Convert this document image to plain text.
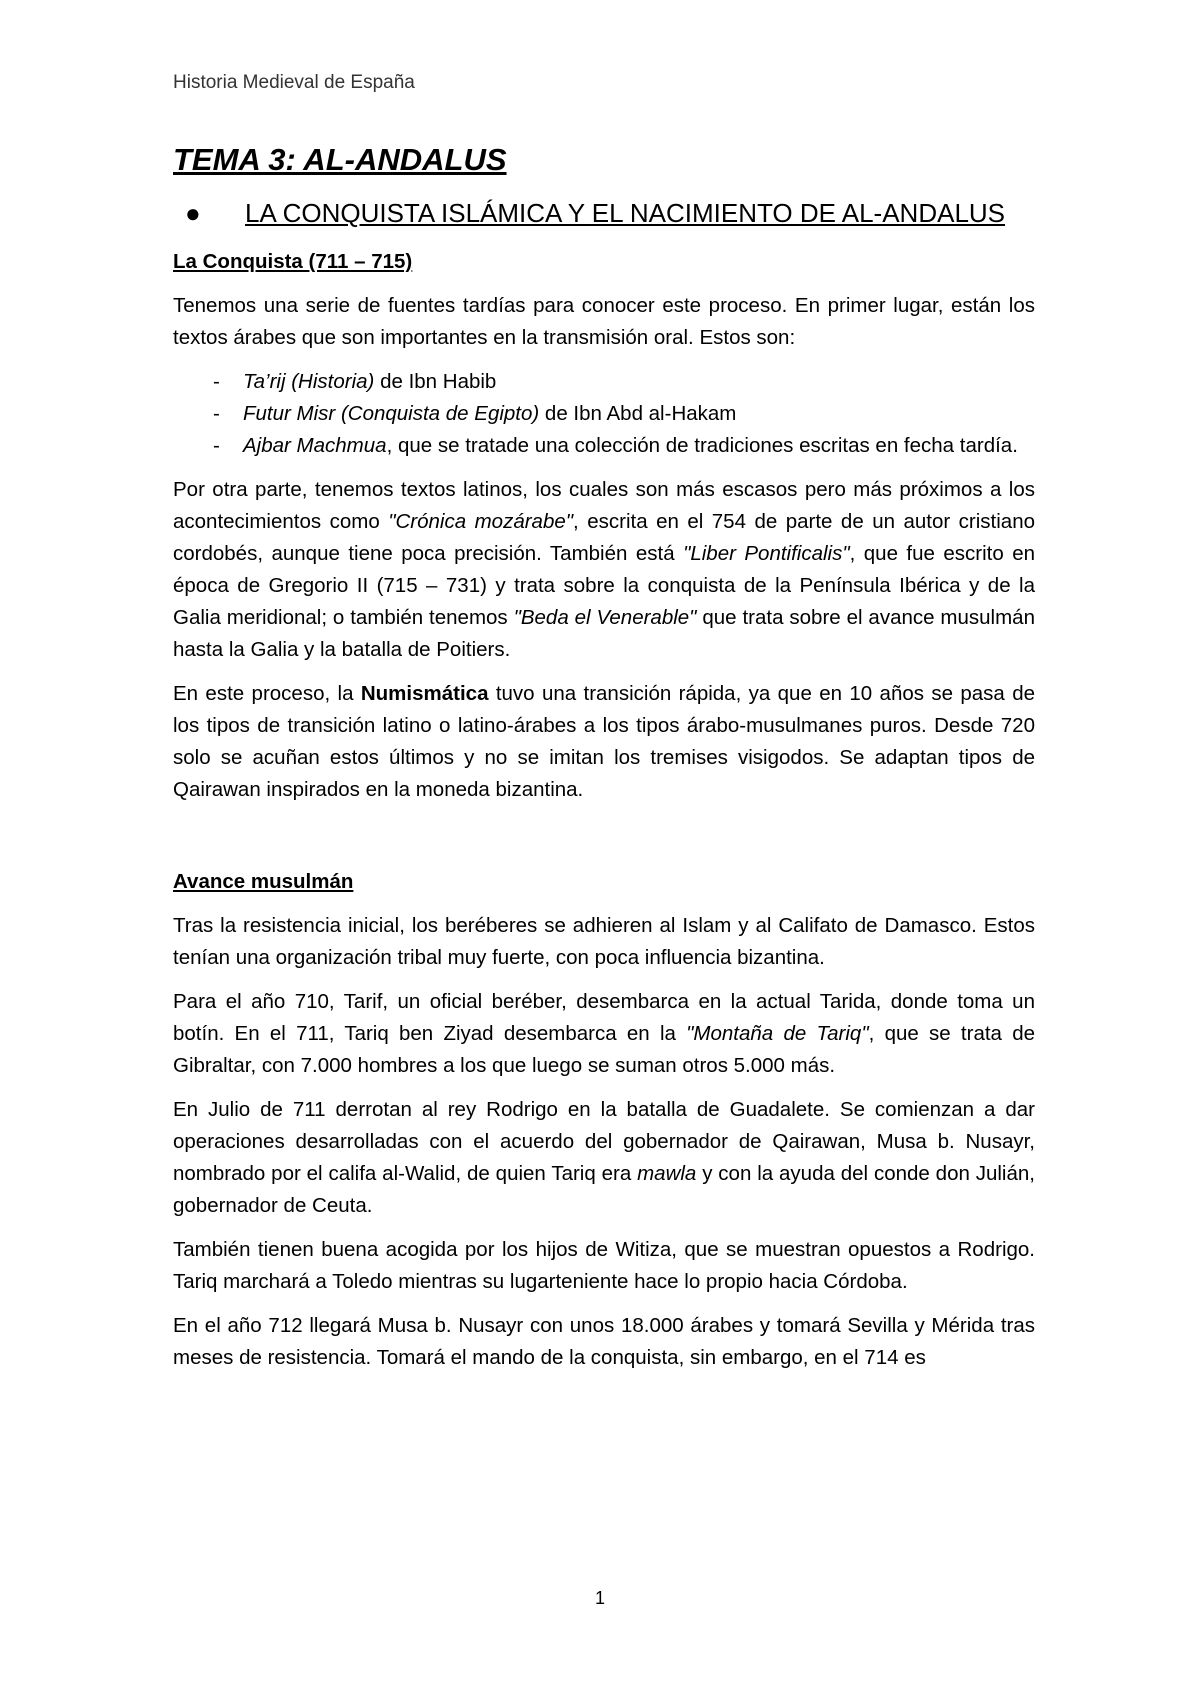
Historia Medieval de España
TEMA 3: AL-ANDALUS
●	LA CONQUISTA ISLÁMICA Y EL NACIMIENTO DE AL-ANDALUS
La Conquista (711 – 715)

Tenemos una serie de fuentes tardías para conocer este proceso. En primer lugar, están los textos árabes que son importantes en la transmisión oral. Estos son:

-	Ta’rij (Historia) de Ibn Habib
-	Futur Misr (Conquista de Egipto) de Ibn Abd al-Hakam
-	Ajbar Machmua, que se tratade una colección de tradiciones escritas en fecha tardía.

Por otra parte, tenemos textos latinos, los cuales son más escasos pero más próximos a los acontecimientos como "Crónica mozárabe", escrita en el 754 de parte de un autor cristiano cordobés, aunque tiene poca precisión. También está "Liber Pontificalis", que fue escrito en época de Gregorio II (715 – 731) y trata sobre la conquista de la Península Ibérica y de la Galia meridional; o también tenemos "Beda el Venerable" que trata sobre el avance musulmán hasta la Galia y la batalla de Poitiers.

En este proceso, la Numismática tuvo una transición rápida, ya que en 10 años se pasa de los tipos de transición latino o latino-árabes a los tipos árabo-musulmanes puros. Desde 720 solo se acuñan estos últimos y no se imitan los tremises visigodos. Se adaptan tipos de Qairawan inspirados en la moneda bizantina.

Avance musulmán

Tras la resistencia inicial, los beréberes se adhieren al Islam y al Califato de Damasco. Estos tenían una organización tribal muy fuerte, con poca influencia bizantina.

Para el año 710, Tarif, un oficial beréber, desembarca en la actual Tarida, donde toma un botín. En el 711, Tariq ben Ziyad desembarca en la "Montaña de Tariq", que se trata de Gibraltar, con 7.000 hombres a los que luego se suman otros 5.000 más.

En Julio de 711 derrotan al rey Rodrigo en la batalla de Guadalete. Se comienzan a dar operaciones desarrolladas con el acuerdo del gobernador de Qairawan, Musa b. Nusayr, nombrado por el califa al-Walid, de quien Tariq era mawla y con la ayuda del conde don Julián, gobernador de Ceuta.

También tienen buena acogida por los hijos de Witiza, que se muestran opuestos a Rodrigo. Tariq marchará a Toledo mientras su lugarteniente hace lo propio hacia Córdoba.

En el año 712 llegará Musa b. Nusayr con unos 18.000 árabes y tomará Sevilla y Mérida tras meses de resistencia. Tomará el mando de la conquista, sin embargo, en el 714 es

1
